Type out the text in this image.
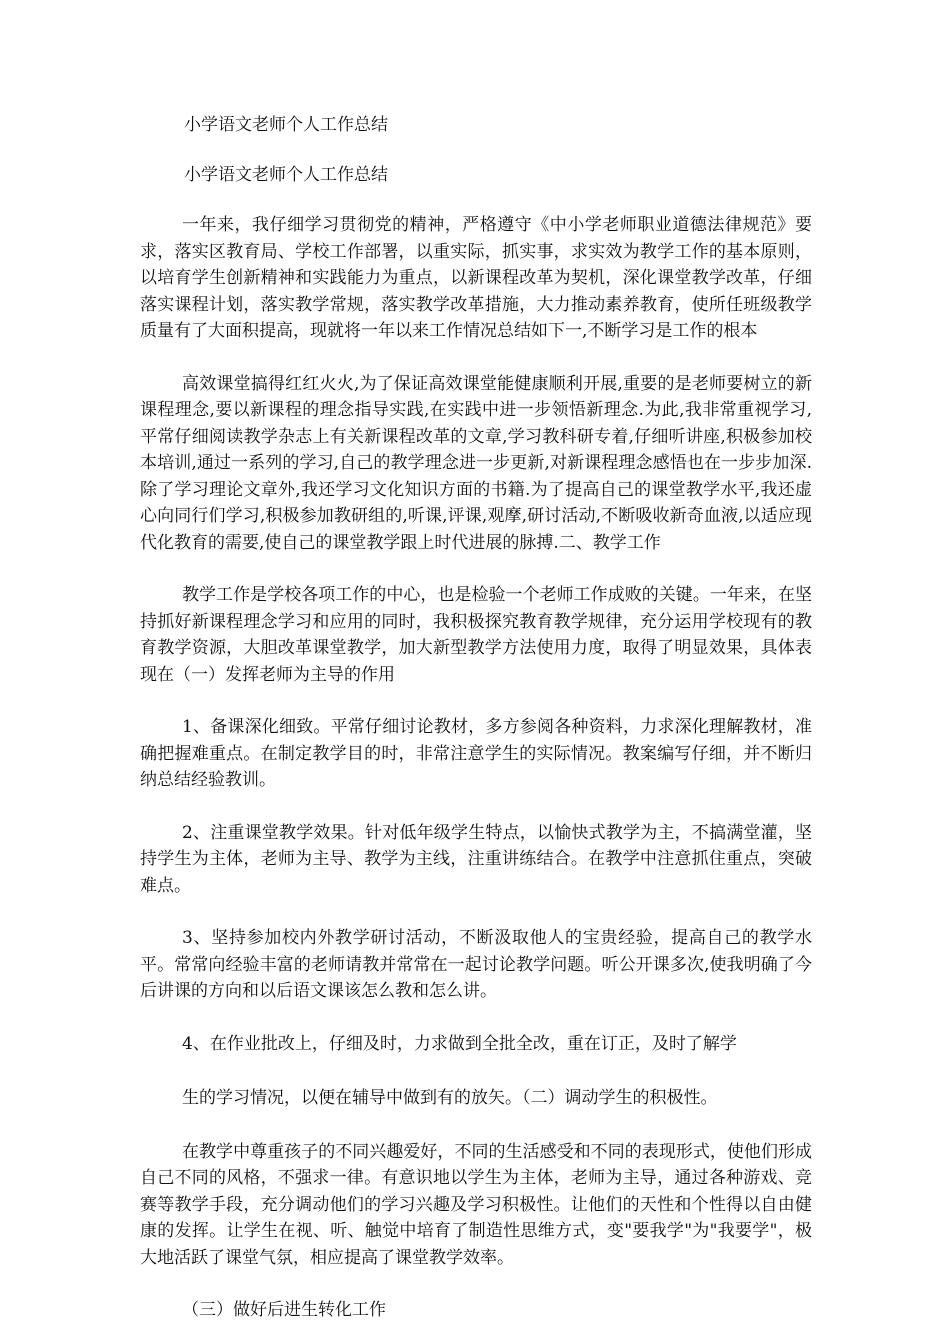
小学语文老师个人工作总结

小学语文老师个人工作总结

一年来，我仔细学习贯彻党的精神，严格遵守《中小学老师职业道德法律规范》要求，落实区教育局、学校工作部署，以重实际，抓实事，求实效为教学工作的基本原则，以培育学生创新精神和实践能力为重点，以新课程改革为契机，深化课堂教学改革，仔细落实课程计划，落实教学常规，落实教学改革措施，大力推动素养教育，使所任班级教学质量有了大面积提高，现就将一年以来工作情况总结如下一,不断学习是工作的根本

高效课堂搞得红红火火,为了保证高效课堂能健康顺利开展,重要的是老师要树立的新课程理念,要以新课程的理念指导实践,在实践中进一步领悟新理念.为此,我非常重视学习,平常仔细阅读教学杂志上有关新课程改革的文章,学习教科研专着,仔细听讲座,积极参加校本培训,通过一系列的学习,自己的教学理念进一步更新,对新课程理念感悟也在一步步加深.除了学习理论文章外,我还学习文化知识方面的书籍.为了提高自己的课堂教学水平,我还虚心向同行们学习,积极参加教研组的,听课,评课,观摩,研讨活动,不断吸收新奇血液,以适应现代化教育的需要,使自己的课堂教学跟上时代进展的脉搏.二、教学工作

教学工作是学校各项工作的中心，也是检验一个老师工作成败的关键。一年来，在坚持抓好新课程理念学习和应用的同时，我积极探究教育教学规律，充分运用学校现有的教育教学资源，大胆改革课堂教学，加大新型教学方法使用力度，取得了明显效果，具体表现在（一）发挥老师为主导的作用

1、备课深化细致。平常仔细讨论教材，多方参阅各种资料，力求深化理解教材，准确把握难重点。在制定教学目的时，非常注意学生的实际情况。教案编写仔细，并不断归纳总结经验教训。

2、注重课堂教学效果。针对低年级学生特点，以愉快式教学为主，不搞满堂灌，坚持学生为主体，老师为主导、教学为主线，注重讲练结合。在教学中注意抓住重点，突破难点。

3、坚持参加校内外教学研讨活动，不断汲取他人的宝贵经验，提高自己的教学水平。常常向经验丰富的老师请教并常常在一起讨论教学问题。听公开课多次,使我明确了今后讲课的方向和以后语文课该怎么教和怎么讲。

4、在作业批改上，仔细及时，力求做到全批全改，重在订正，及时了解学

生的学习情况，以便在辅导中做到有的放矢。（二）调动学生的积极性。

在教学中尊重孩子的不同兴趣爱好，不同的生活感受和不同的表现形式，使他们形成自己不同的风格，不强求一律。有意识地以学生为主体，老师为主导，通过各种游戏、竞赛等教学手段，充分调动他们的学习兴趣及学习积极性。让他们的天性和个性得以自由健康的发挥。让学生在视、听、触觉中培育了制造性思维方式，变"要我学"为"我要学"，极大地活跃了课堂气氛，相应提高了课堂教学效率。

（三）做好后进生转化工作
